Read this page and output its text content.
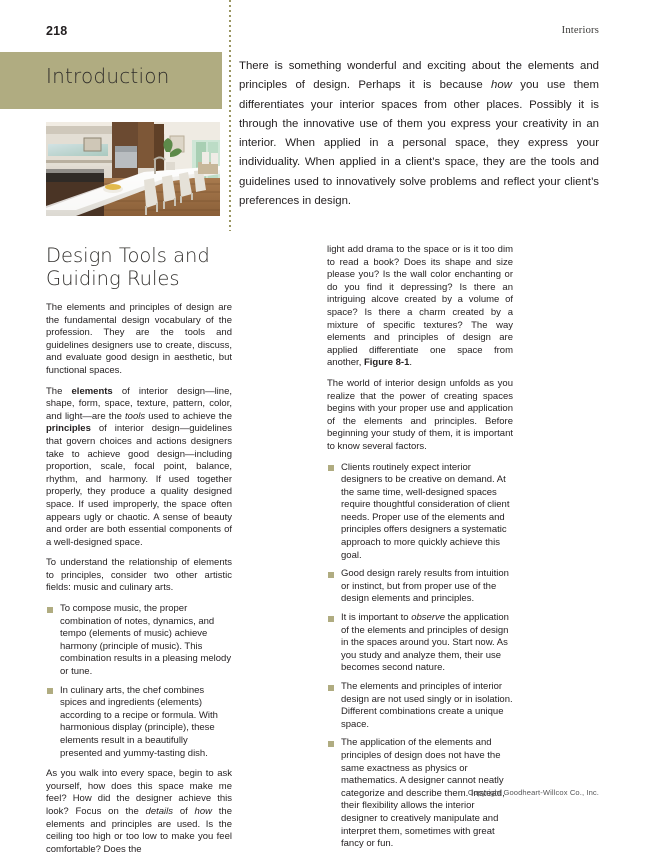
218	Interiors
Introduction	There is something wonderful and exciting about the elements and principles of design. Perhaps it is because how you use them differentiates your interior spaces from other places. Possibly it is through the innovative use of them you express your creativity in an interior. When applied in a personal space, they express your individuality. When applied in a client’s space, they are the tools and guidelines used to innovatively solve problems and reflect your client’s preferences in design.
Design Tools and Guiding Rules

The elements and principles of design are the fundamental design vocabulary of the profession. They are the tools and guidelines designers use to create, discuss, and evaluate good design in aesthetic, but functional spaces.

The elements of interior design—line, shape, form, space, texture, pattern, color, and light—are the tools used to achieve the principles of interior design—guidelines that govern choices and actions designers take to achieve good design—including proportion, scale, focal point, balance, rhythm, and harmony. If used together properly, they produce a quality designed space. If used improperly, the space often appears ugly or chaotic. A sense of beauty and order are both essential components of a well-designed space.

To understand the relationship of elements to principles, consider two other artistic fields: music and culinary arts.

To compose music, the proper combination of notes, dynamics, and tempo (elements of music) achieve harmony (principle of music). This combination results in a pleasing melody or tune.
In culinary arts, the chef combines spices and ingredients (elements) according to a recipe or formula. With harmonious display (principle), these elements result in a beautifully presented and yummy-tasting dish.

As you walk into every space, begin to ask yourself, how does this space make me feel? How did the designer achieve this look? Focus on the details of how the elements and principles are used. Is the ceiling too high or too low to make you feel comfortable? Does the

light add drama to the space or is it too dim to read a book? Does its shape and size please you? Is the wall color enchanting or do you find it depressing? Is there an intriguing alcove created by a volume of space? Is there a charm created by a mixture of specific textures? The way elements and principles of design are applied differentiate one space from another, Figure 8-1.

The world of interior design unfolds as you realize that the power of creating spaces begins with your proper use and application of the elements and principles. Before beginning your study of them, it is important to know several factors.

Clients routinely expect interior designers to be creative on demand. At the same time, well-designed spaces require thoughtful consideration of client needs. Proper use of the elements and principles offers designers a systematic approach to more quickly achieve this goal.
Good design rarely results from intuition or instinct, but from proper use of the design elements and principles.
It is important to observe the application of the elements and principles of design in the spaces around you. Start now. As you study and analyze them, their use becomes second nature.
The elements and principles of interior design are not used singly or in isolation. Different combinations create a unique space.
The application of the elements and principles of design does not have the same exactness as physics or mathematics. A designer cannot neatly categorize and describe them. Instead, their flexibility allows the interior designer to creatively manipulate and interpret them, sometimes with great fancy or fun.
Copyright Goodheart-Willcox Co., Inc.
